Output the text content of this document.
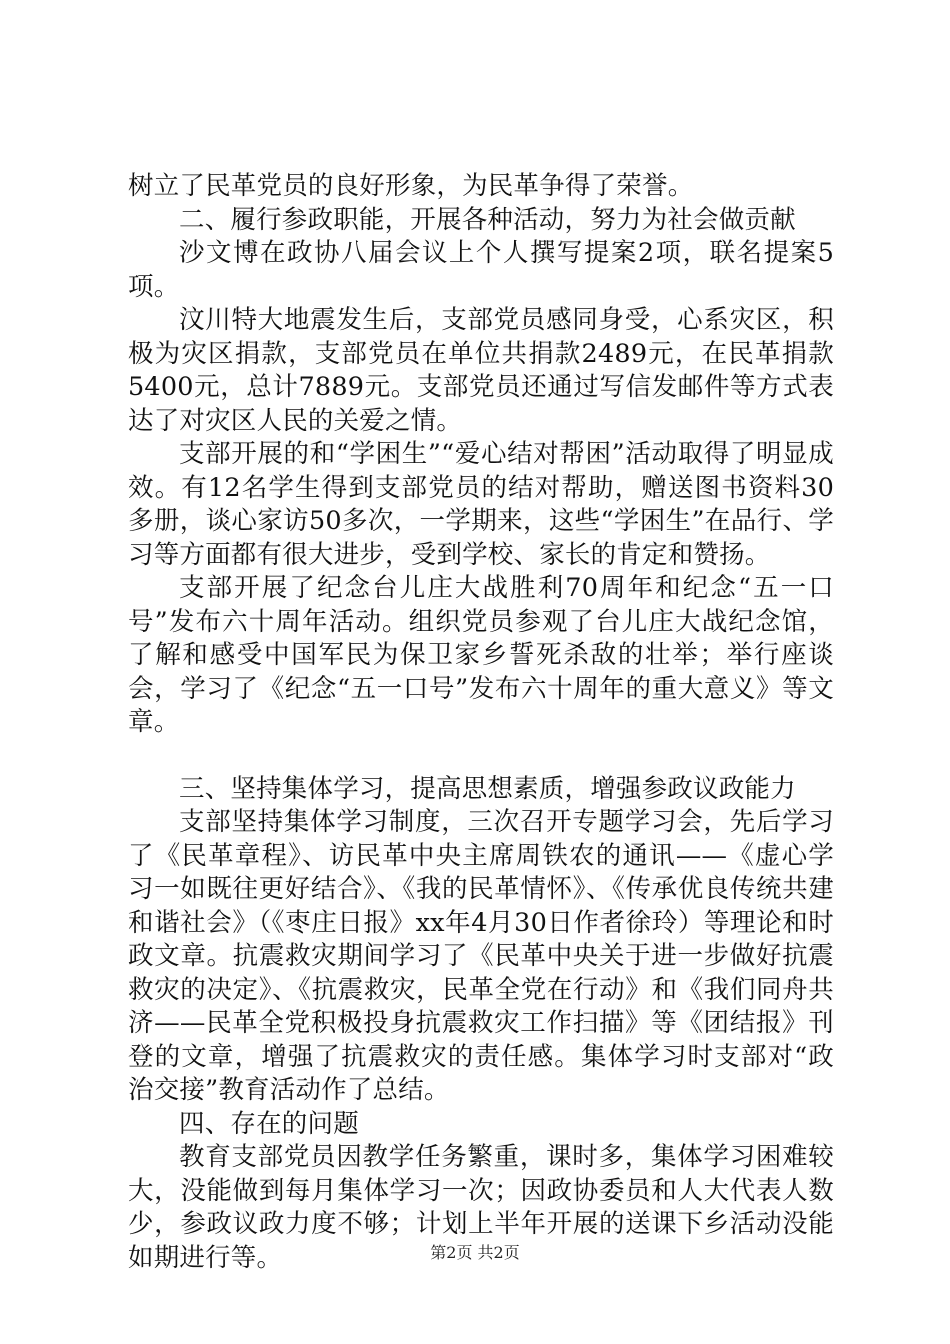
树立了民革党员的良好形象，为民革争得了荣誉。

二、履行参政职能，开展各种活动，努力为社会做贡献

沙文博在政协八届会议上个人撰写提案2项，联名提案5项。

汶川特大地震发生后，支部党员感同身受，心系灾区，积极为灾区捐款，支部党员在单位共捐款2489元，在民革捐款5400元，总计7889元。支部党员还通过写信发邮件等方式表达了对灾区人民的关爱之情。

支部开展的和“学困生”“爱心结对帮困”活动取得了明显成效。有12名学生得到支部党员的结对帮助，赠送图书资料30多册，谈心家访50多次，一学期来，这些“学困生”在品行、学习等方面都有很大进步，受到学校、家长的肯定和赞扬。

支部开展了纪念台儿庄大战胜利70周年和纪念“五一口号”发布六十周年活动。组织党员参观了台儿庄大战纪念馆，了解和感受中国军民为保卫家乡誓死杀敌的壮举；举行座谈会，学习了《纪念“五一口号”发布六十周年的重大意义》等文章。

三、坚持集体学习，提高思想素质，增强参政议政能力

支部坚持集体学习制度，三次召开专题学习会，先后学习了《民革章程》、访民革中央主席周铁农的通讯——《虚心学习一如既往更好结合》、《我的民革情怀》、《传承优良传统共建和谐社会》（《枣庄日报》xx年4月30日作者徐玲）等理论和时政文章。抗震救灾期间学习了《民革中央关于进一步做好抗震救灾的决定》、《抗震救灾，民革全党在行动》和《我们同舟共济——民革全党积极投身抗震救灾工作扫描》等《团结报》刊登的文章，增强了抗震救灾的责任感。集体学习时支部对“政治交接”教育活动作了总结。

四、存在的问题

教育支部党员因教学任务繁重，课时多，集体学习困难较大，没能做到每月集体学习一次；因政协委员和人大代表人数少，参政议政力度不够；计划上半年开展的送课下乡活动没能如期进行等。	第2页 共2页
